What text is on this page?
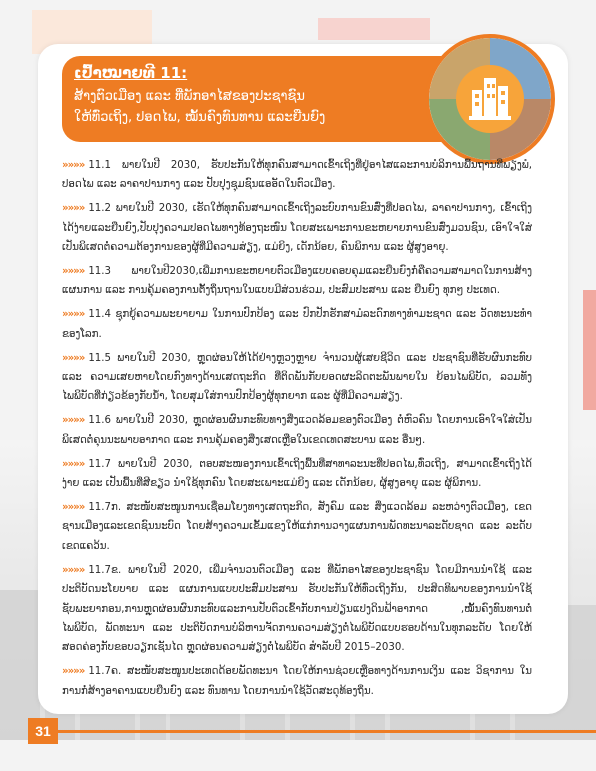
ເປົ້າໝາຍທີ 11:
ສ້າງຕົວເມືອງ ແລະ ທີ່ພັກອາໄສຂອງປະຊາຊົນ
ໃຫ້ທົ່ວເຖິງ, ປອດໄພ, ໝັ້ນຄົງທົນທານ ແລະຍືນຍົງ

»»»» 11.1 ພາຍໃນປີ 2030, ຮັບປະກັນໃຫ້ທຸກຄົນສາມາດເຂົ້າເຖິງທີ່ຢູ່ອາໄສແລະການບໍລິການພື້ນຖານທີ່ພຽງພໍ, ປອດໄພ ແລະ ລາຄາປານກາງ ແລະ ປັບປຸງຊຸມຊົນແອອັດໃນຕົວເມືອງ.

»»»» 11.2 ພາຍໃນປີ 2030, ເຮັດໃຫ້ທຸກຄົນສາມາດເຂົ້າເຖິງລະບົບການຂົນສົ່ງທີ່ປອດໄພ, ລາຄາປານກາງ, ເຂົ້າເຖິງໄດ້ງ່າຍແລະຍືນຍົງ,ປັບປຸງຄວາມປອດໄພທາງທ້ອງຖະໜົນ ໂດຍສະເພາະການຂະຫຍາຍການຂົນສົ່ງມວນຊົນ, ເອົາໃຈໃສ່ເປັນພິເສດຕໍ່ຄວາມຕ້ອງການຂອງຜູ້ທີ່ມີຄວາມສ່ຽງ, ແມ່ຍິງ, ເດັກນ້ອຍ, ຄົນພິການ ແລະ ຜູ້ສູງອາຍຸ.

»»»» 11.3 ພາຍໃນປີ2030,ເພີ່ມການຂະຫຍາຍຕົວເມືອງແບບຄອບຄຸມແລະຍືນຍົງກໍ່ຄືຄວາມສາມາດໃນການສ້າງແຜນການ ແລະ ການຄຸ້ມຄອງການຕັ້ງຖິ່ນຖານໃນແບບມີສ່ວນຮ່ວມ, ປະສົມປະສານ ແລະ ຍືນຍົງ ທຸກໆ ປະເທດ.

»»»» 11.4 ຊຸກຍູ້ຄວາມພະຍາຍາມ ໃນການປົກປ້ອງ ແລະ ປົກປັກຮັກສາມໍລະດົກທາງທໍາມະຊາດ ແລະ ວັດທະນະທໍາຂອງໂລກ.

»»»» 11.5 ພາຍໃນປີ 2030, ຫຼຸດຜ່ອນໃຫ້ໄດ້ຢ່າງຫຼວງຫຼາຍ ຈໍານວນຜູ້ເສຍຊີວິດ ແລະ ປະຊາຊົນທີ່ຮັບຜົນກະທົບ ແລະ ຄວາມເສຍຫາຍໂດຍກົງທາງດ້ານເສດຖະກິດ ທີ່ຕິດພັນກັບຍອດຜະລິດຕະພັນພາຍໃນ ຍ້ອນໄພພິບັດ, ລວມທັງໄພພິບັດທີ່ກ່ຽວຂ້ອງກັບນໍ້າ, ໂດຍສຸມໃສ່ການປົກປ້ອງຜູ້ທຸກຍາກ ແລະ ຜູ້ທີ່ມີຄວາມສ່ຽງ.

»»»» 11.6 ພາຍໃນປີ 2030, ຫຼຸດຜ່ອນຜົນກະທົບທາງສິ່ງແວດລ້ອມຂອງຕົວເມືອງ ຕໍ່ຫົວຄົນ ໂດຍການເອົາໃຈໃສ່ເປັນພິເສດຕໍ່ຄຸນນະພາບອາກາດ ແລະ ການຄຸ້ມຄອງສິ່ງເສດເຫຼືອໃນເຂດເທດສະບານ ແລະ ອື່ນໆ.

»»»» 11.7 ພາຍໃນປີ 2030, ຕອບສະໜອງການເຂົ້າເຖິງພື້ນທີ່ສາທາລະນະທີ່ປອດໄພ,ທົ່ວເຖິງ, ສາມາດເຂົ້າເຖິງໄດ້ງ່າຍ ແລະ ເປັນພື້ນທີ່ສີຂຽວ ນໍາໃຊ້ທຸກຄົນ ໂດຍສະເພາະແມ່ຍິງ ແລະ ເດັກນ້ອຍ, ຜູ້ສູງອາຍຸ ແລະ ຜູ້ພິການ.

»»»» 11.7ກ. ສະໜັບສະໜູນການເຊື່ອມໂຍງທາງເສດຖະກິດ, ສັງຄົມ ແລະ ສິ່ງແວດລ້ອມ ລະຫວ່າງຕົວເມືອງ, ເຂດຊານເມືອງແລະເຂດຊົນນະບົດ ໂດຍສ້າງຄວາມເຂັ້ມແຂງໃຫ້ແກ່ການວາງແຜນການພັດທະນາລະດັບຊາດ ແລະ ລະດັບເຂດແຄວ້ນ.

»»»» 11.7ຂ. ພາຍໃນປີ 2020, ເພີ່ມຈໍານວນຕົວເມືອງ ແລະ ທີ່ພັກອາໄສຂອງປະຊາຊົນ ໂດຍມີການນໍາໃຊ້ ແລະ ປະຕິບັດນະໂຍບາຍ ແລະ ແຜນການແບບປະສົມປະສານ ຮັບປະກັນໃຫ້ທົ່ວເຖິງກັນ, ປະສິດທິພາບຂອງການນໍາໃຊ້ຊັບພະຍາກອນ,ການຫຼຸດຜ່ອນຜົນກະທົບແລະການປັບຕົວເຂົ້າກັບການປ່ຽນແປງດິນຟ້າອາກາດ ,ໝັ້ນຄົງທົນທານຕໍ່ໄພພິບັດ, ພັດທະນາ ແລະ ປະຕິບັດການບໍລິຫານຈັດການຄວາມສ່ຽງຕໍ່ໄພພິບັດແບບຮອບດ້ານໃນທຸກລະດັບ ໂດຍໃຫ້ສອດຄ່ອງກັບຂອບວຽກເຊັນໄດ ຫຼຸດຜ່ອນຄວາມສ່ຽງຕໍ່ໄພພິບັດ ສໍາລັບປີ 2015–2030.

»»»» 11.7ຄ. ສະໜັບສະໜູນປະເທດດ້ອຍພັດທະນາ ໂດຍໃຫ້ການຊ່ວຍເຫຼືອທາງດ້ານການເງິນ ແລະ ວິຊາການ ໃນການກໍ່ສ້າງອາຄານແບບຍືນຍົງ ແລະ ທົນທານ ໂດຍການນໍາໃຊ້ວັດສະດຸທ້ອງຖິ່ນ.

31
